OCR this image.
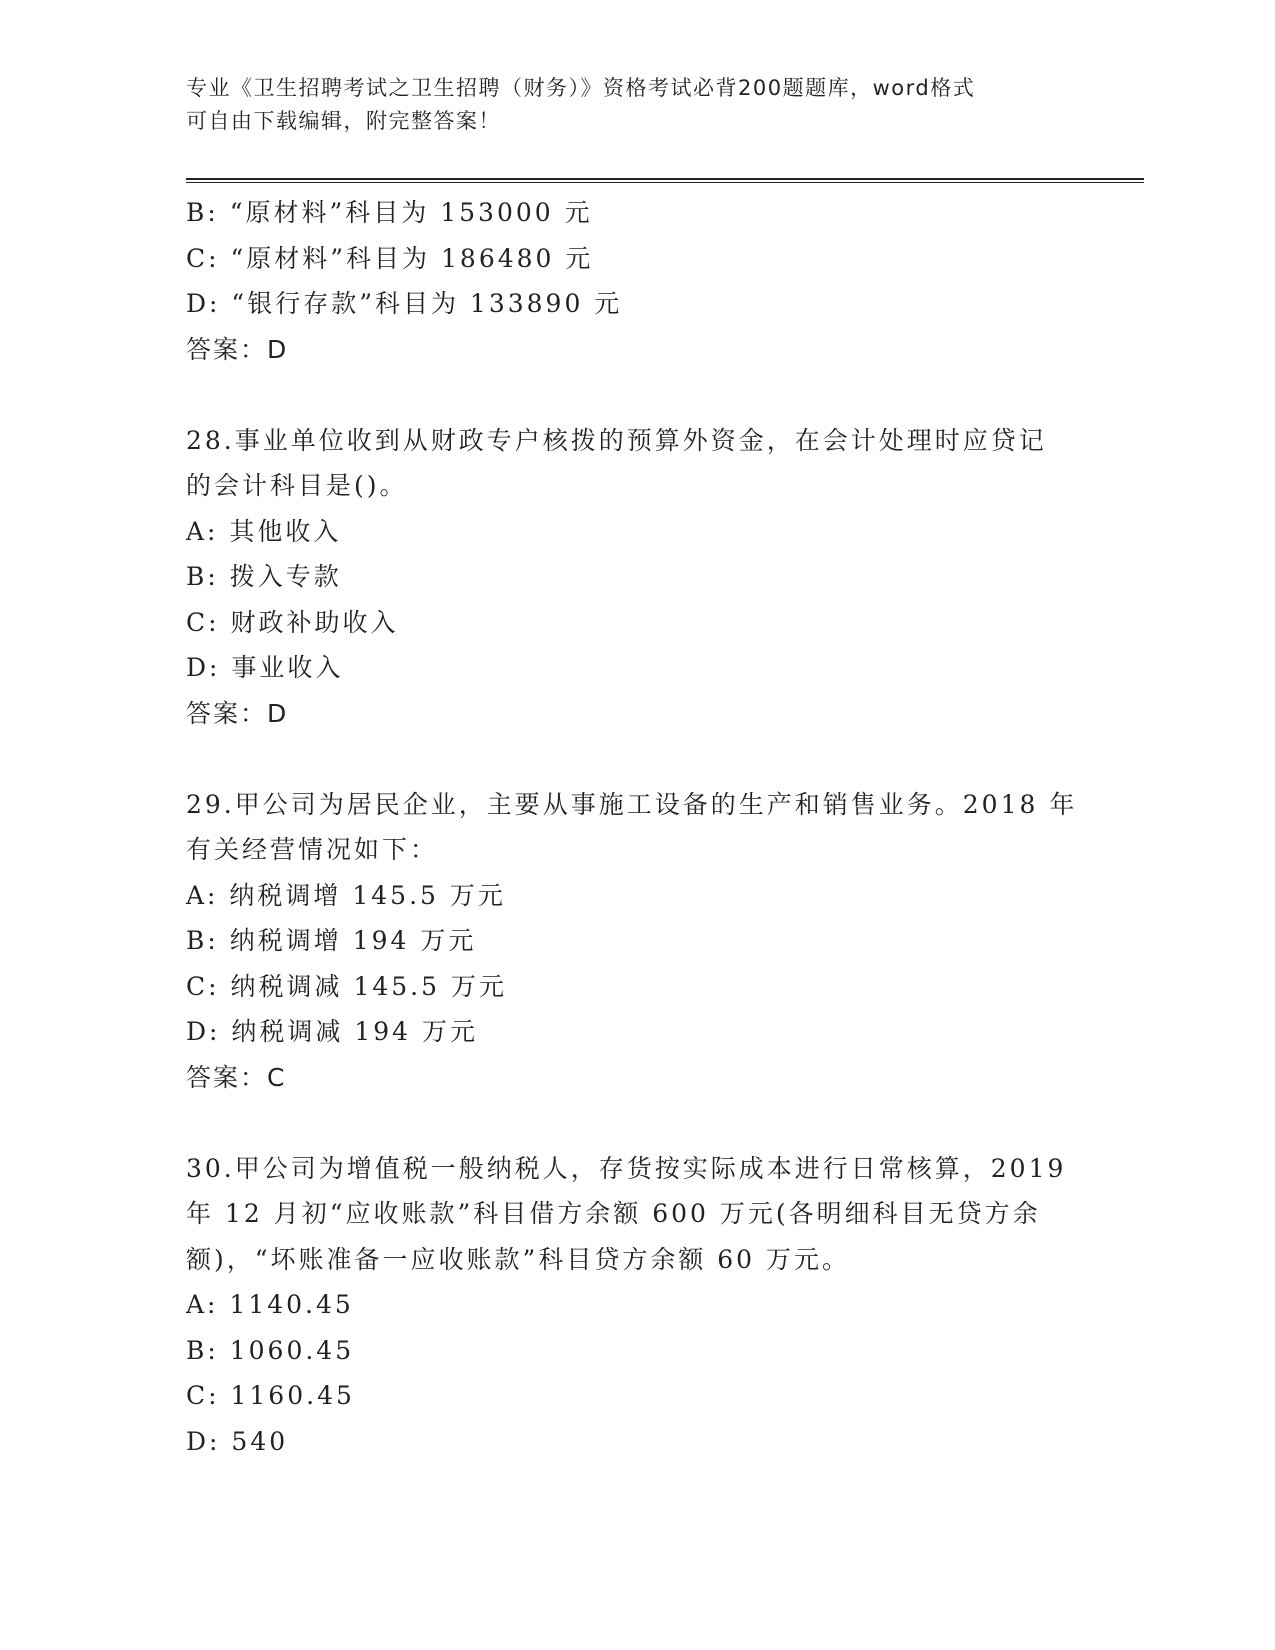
专业《卫生招聘考试之卫生招聘（财务）》资格考试必背200题题库，word格式
可自由下载编辑，附完整答案！
B: “原材料”科目为 153000 元
C: “原材料”科目为 186480 元
D: “银行存款”科目为 133890 元
答案：D
28.事业单位收到从财政专户核拨的预算外资金，在会计处理时应贷记
的会计科目是()。
A: 其他收入
B: 拨入专款
C: 财政补助收入
D: 事业收入
答案：D
29.甲公司为居民企业，主要从事施工设备的生产和销售业务。2018 年
有关经营情况如下：
A: 纳税调增 145.5 万元
B: 纳税调增 194 万元
C: 纳税调减 145.5 万元
D: 纳税调减 194 万元
答案：C
30.甲公司为增值税一般纳税人，存货按实际成本进行日常核算，2019
年 12 月初“应收账款”科目借方余额 600 万元(各明细科目无贷方余
额)，“坏账准备一应收账款”科目贷方余额 60 万元。
A: 1140.45
B: 1060.45
C: 1160.45
D: 540
